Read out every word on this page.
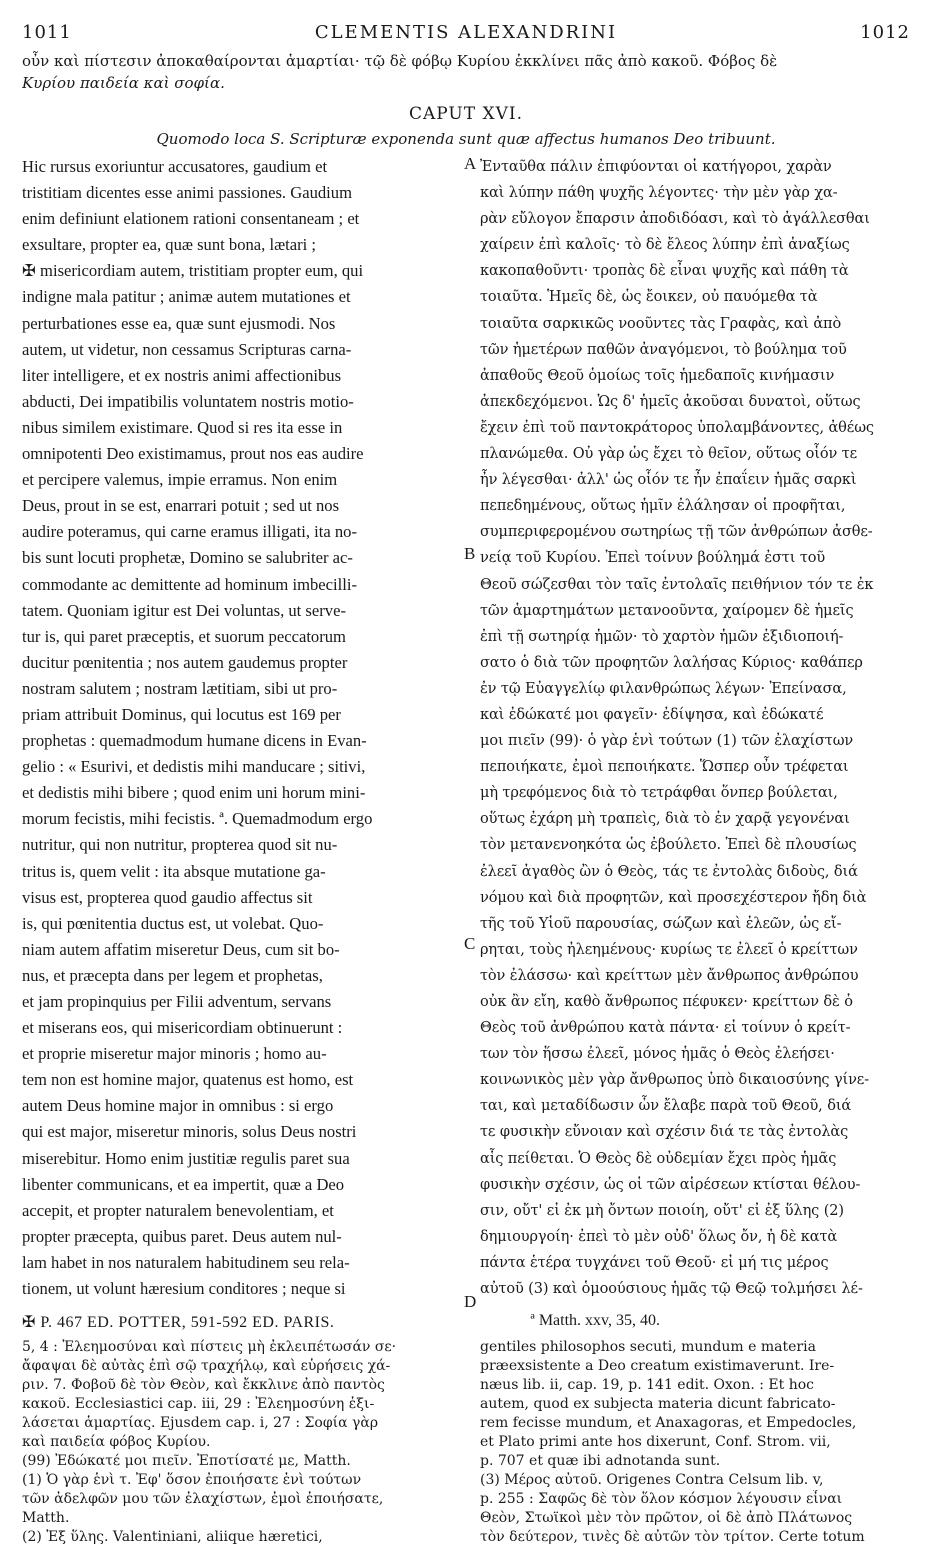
1011	CLEMENTIS ALEXANDRINI	1012
οὖν καὶ πίστεσιν ἀποκαθαίρονται ἁμαρτίαι· τῷ δὲ φόβῳ Κυρίου ἐκκλίνει πᾶς ἀπὸ κακοῦ. Φόβος δὲ
Κυρίου παιδεία καὶ σοφία.
CAPUT XVI.
Quomodo loca S. Scripturæ exponenda sunt quæ affectus humanos Deo tribuunt.
Hic rursus exoriuntur accusatores, gaudium et
tristitiam dicentes esse animi passiones. Gaudium
enim definiunt elationem rationi consentaneam ; et
exsultare, propter ea, quæ sunt bona, lætari ;
✠ misericordiam autem, tristitiam propter eum, qui
indigne mala patitur ; animæ autem mutationes et
perturbationes esse ea, quæ sunt ejusmodi. Nos
autem, ut videtur, non cessamus Scripturas carna-
liter intelligere, et ex nostris animi affectionibus
abducti, Dei impatibilis voluntatem nostris motio-
nibus similem existimare. Quod si res ita esse in
omnipotenti Deo existimamus, prout nos eas audire
et percipere valemus, impie erramus. Non enim
Deus, prout in se est, enarrari potuit ; sed ut nos
audire poteramus, qui carne eramus illigati, ita no-
bis sunt locuti prophetæ, Domino se salubriter ac-
commodante ac demittente ad hominum imbecilli-
tatem. Quoniam igitur est Dei voluntas, ut serve-
tur is, qui paret præceptis, et suorum peccatorum
ducitur pœnitentia ; nos autem gaudemus propter
nostram salutem ; nostram lætitiam, sibi ut pro-
priam attribuit Dominus, qui locutus est 169 per
prophetas : quemadmodum humane dicens in Evan-
gelio : « Esurivi, et dedistis mihi manducare ; sitivi,
et dedistis mihi bibere ; quod enim uni horum mini-
morum fecistis, mihi fecistis. ª. Quemadmodum ergo
nutritur, qui non nutritur, propterea quod sit nu-
tritus is, quem velit : ita absque mutatione ga-
visus est, propterea quod gaudio affectus sit
is, qui pœnitentia ductus est, ut volebat. Quo-
niam autem affatim miseretur Deus, cum sit bo-
nus, et præcepta dans per legem et prophetas,
et jam propinquius per Filii adventum, servans
et miserans eos, qui misericordiam obtinuerunt :
et proprie miseretur major minoris ; homo au-
tem non est homine major, quatenus est homo, est
autem Deus homine major in omnibus : si ergo
qui est major, miseretur minoris, solus Deus nostri
miserebitur. Homo enim justitiæ regulis paret sua
libenter communicans, et ea impertit, quæ a Deo
accepit, et propter naturalem benevolentiam, et
propter præcepta, quibus paret. Deus autem nul-
lam habet in nos naturalem habitudinem seu rela-
tionem, ut volunt hæresium conditores ; neque si
A
B
C
D
Ἐνταῦθα πάλιν ἐπιφύονται οἱ κατήγοροι, χαρὰν
καὶ λύπην πάθη ψυχῆς λέγοντες· τὴν μὲν γὰρ χα-
ρὰν εὔλογον ἔπαρσιν ἀποδιδόασι, καὶ τὸ ἀγάλλεσθαι
χαίρειν ἐπὶ καλοῖς· τὸ δὲ ἔλεος λύπην ἐπὶ ἀναξίως
κακοπαθοῦντι· τροπὰς δὲ εἶναι ψυχῆς καὶ πάθη τὰ
τοιαῦτα. Ἡμεῖς δὲ, ὡς ἔοικεν, οὐ παυόμεθα τὰ
τοιαῦτα σαρκικῶς νοοῦντες τὰς Γραφὰς, καὶ ἀπὸ
τῶν ἡμετέρων παθῶν ἀναγόμενοι, τὸ βούλημα τοῦ
ἀπαθοῦς Θεοῦ ὁμοίως τοῖς ἡμεδαποῖς κινήμασιν
ἀπεκδεχόμενοι. Ὡς δ' ἡμεῖς ἀκοῦσαι δυνατοὶ, οὕτως
ἔχειν ἐπὶ τοῦ παντοκράτορος ὑπολαμβάνοντες, ἀθέως
πλανώμεθα. Οὐ γὰρ ὡς ἔχει τὸ θεῖον, οὕτως οἷόν τε
ἦν λέγεσθαι· ἀλλ' ὡς οἷόν τε ἦν ἐπαΐειν ἡμᾶς σαρκὶ
πεπεδημένους, οὕτως ἡμῖν ἐλάλησαν οἱ προφῆται,
συμπεριφερομένου σωτηρίως τῇ τῶν ἀνθρώπων ἀσθε-
νείᾳ τοῦ Κυρίου. Ἐπεὶ τοίνυν βούλημά ἐστι τοῦ
Θεοῦ σώζεσθαι τὸν ταῖς ἐντολαῖς πειθήνιον τόν τε ἐκ
τῶν ἁμαρτημάτων μετανοοῦντα, χαίρομεν δὲ ἡμεῖς
ἐπὶ τῇ σωτηρίᾳ ἡμῶν· τὸ χαρτὸν ἡμῶν ἐξιδιοποιή-
σατο ὁ διὰ τῶν προφητῶν λαλήσας Κύριος· καθάπερ
ἐν τῷ Εὐαγγελίῳ φιλανθρώπως λέγων· Ἐπείνασα,
καὶ ἐδώκατέ μοι φαγεῖν· ἐδίψησα, καὶ ἐδώκατέ
μοι πιεῖν (99)· ὁ γὰρ ἑνὶ τούτων (1) τῶν ἐλαχίστων
πεποιήκατε, ἐμοὶ πεποιήκατε. Ὥσπερ οὖν τρέφεται
μὴ τρεφόμενος διὰ τὸ τετράφθαι ὅνπερ βούλεται,
οὕτως ἐχάρη μὴ τραπεὶς, διὰ τὸ ἐν χαρᾷ γεγονέναι
τὸν μετανενοηκότα ὡς ἐβούλετο. Ἐπεὶ δὲ πλουσίως
ἐλεεῖ ἀγαθὸς ὢν ὁ Θεὸς, τάς τε ἐντολὰς διδοὺς, διά
νόμου καὶ διὰ προφητῶν, καὶ προσεχέστερον ἤδη διὰ
τῆς τοῦ Υἱοῦ παρουσίας, σώζων καὶ ἐλεῶν, ὡς εἴ-
ρηται, τοὺς ἠλεημένους· κυρίως τε ἐλεεῖ ὁ κρείττων
τὸν ἐλάσσω· καὶ κρείττων μὲν ἄνθρωπος ἀνθρώπου
οὐκ ἂν εἴη, καθὸ ἄνθρωπος πέφυκεν· κρείττων δὲ ὁ
Θεὸς τοῦ ἀνθρώπου κατὰ πάντα· εἰ τοίνυν ὁ κρείτ-
των τὸν ἥσσω ἐλεεῖ, μόνος ἡμᾶς ὁ Θεὸς ἐλεήσει·
κοινωνικὸς μὲν γὰρ ἄνθρωπος ὑπὸ δικαιοσύνης γίνε-
ται, καὶ μεταδίδωσιν ὧν ἔλαβε παρὰ τοῦ Θεοῦ, διά
τε φυσικὴν εὔνοιαν καὶ σχέσιν διά τε τὰς ἐντολὰς
αἷς πείθεται. Ὁ Θεὸς δὲ οὐδεμίαν ἔχει πρὸς ἡμᾶς
φυσικὴν σχέσιν, ὡς οἱ τῶν αἱρέσεων κτίσται θέλου-
σιν, οὔτ' εἰ ἐκ μὴ ὄντων ποιοίη, οὔτ' εἰ ἐξ ὕλης (2)
δημιουργοίη· ἐπεὶ τὸ μὲν οὐδ' ὅλως ὄν, ἡ δὲ κατὰ
πάντα ἑτέρα τυγχάνει τοῦ Θεοῦ· εἰ μή τις μέρος
αὐτοῦ (3) καὶ ὁμοούσιους ἡμᾶς τῷ Θεῷ τολμήσει λέ-
✠ P. 467 ED. POTTER, 591-592 ED. PARIS.	ª Matth. xxv, 35, 40.
5, 4 : Ἐλεημοσύναι καὶ πίστεις μὴ ἐκλειπέτωσάν σε·
ἄφαψαι δὲ αὐτὰς ἐπὶ σῷ τραχήλῳ, καὶ εὑρήσεις χά-
ριν. 7. Φοβοῦ δὲ τὸν Θεὸν, καὶ ἔκκλινε ἀπὸ παντὸς
κακοῦ. Ecclesiastici cap. iii, 29 : Ἐλεημοσύνη ἐξι-
λάσεται ἁμαρτίας. Ejusdem cap. i, 27 : Σοφία γὰρ
καὶ παιδεία φόβος Κυρίου.
(99) Ἐδώκατέ μοι πιεῖν. Ἐποτίσατέ με, Matth.
(1) Ὁ γὰρ ἑνὶ τ. Ἐφ' ὅσον ἐποιήσατε ἑνὶ τούτων
τῶν ἀδελφῶν μου τῶν ἐλαχίστων, ἐμοὶ ἐποιήσατε,
Matth.
(2) Ἐξ ὕλης. Valentiniani, aliique hæretici,
gentiles philosophos secuti, mundum e materia
præexsistente a Deo creatum existimaverunt. Ire-
næus lib. ii, cap. 19, p. 141 edit. Oxon. : Et hoc
autem, quod ex subjecta materia dicunt fabricato-
rem fecisse mundum, et Anaxagoras, et Empedocles,
et Plato primi ante hos dixerunt, Conf. Strom. vii,
p. 707 et quæ ibi adnotanda sunt.
(3) Μέρος αὐτοῦ. Origenes Contra Celsum lib. v,
p. 255 : Σαφῶς δὲ τὸν ὅλον κόσμον λέγουσιν εἶναι
Θεὸν, Στωϊκοὶ μὲν τὸν πρῶτον, οἱ δὲ ἀπὸ Πλάτωνος
τὸν δεύτερον, τινὲς δὲ αὐτῶν τὸν τρίτον. Certe totum
